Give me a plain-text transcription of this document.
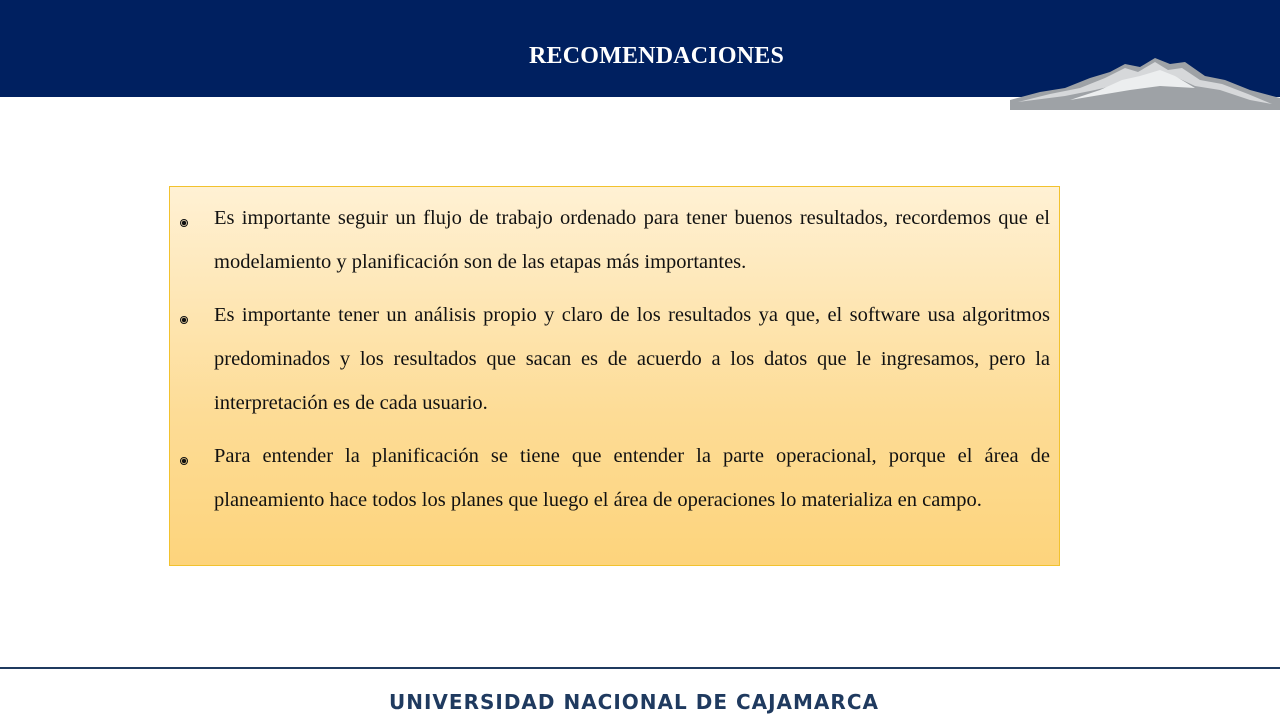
RECOMENDACIONES
Es importante seguir un flujo de trabajo ordenado para tener buenos resultados, recordemos que el modelamiento y planificación son de las etapas más importantes.
Es importante tener un análisis propio y claro de los resultados ya que, el software usa algoritmos predominados y los resultados que sacan es de acuerdo a los datos que le ingresamos, pero la interpretación es de cada usuario.
Para entender la planificación se tiene que entender la parte operacional, porque el área de planeamiento hace todos los planes que luego el área de operaciones lo materializa en campo.
UNIVERSIDAD NACIONAL DE CAJAMARCA
